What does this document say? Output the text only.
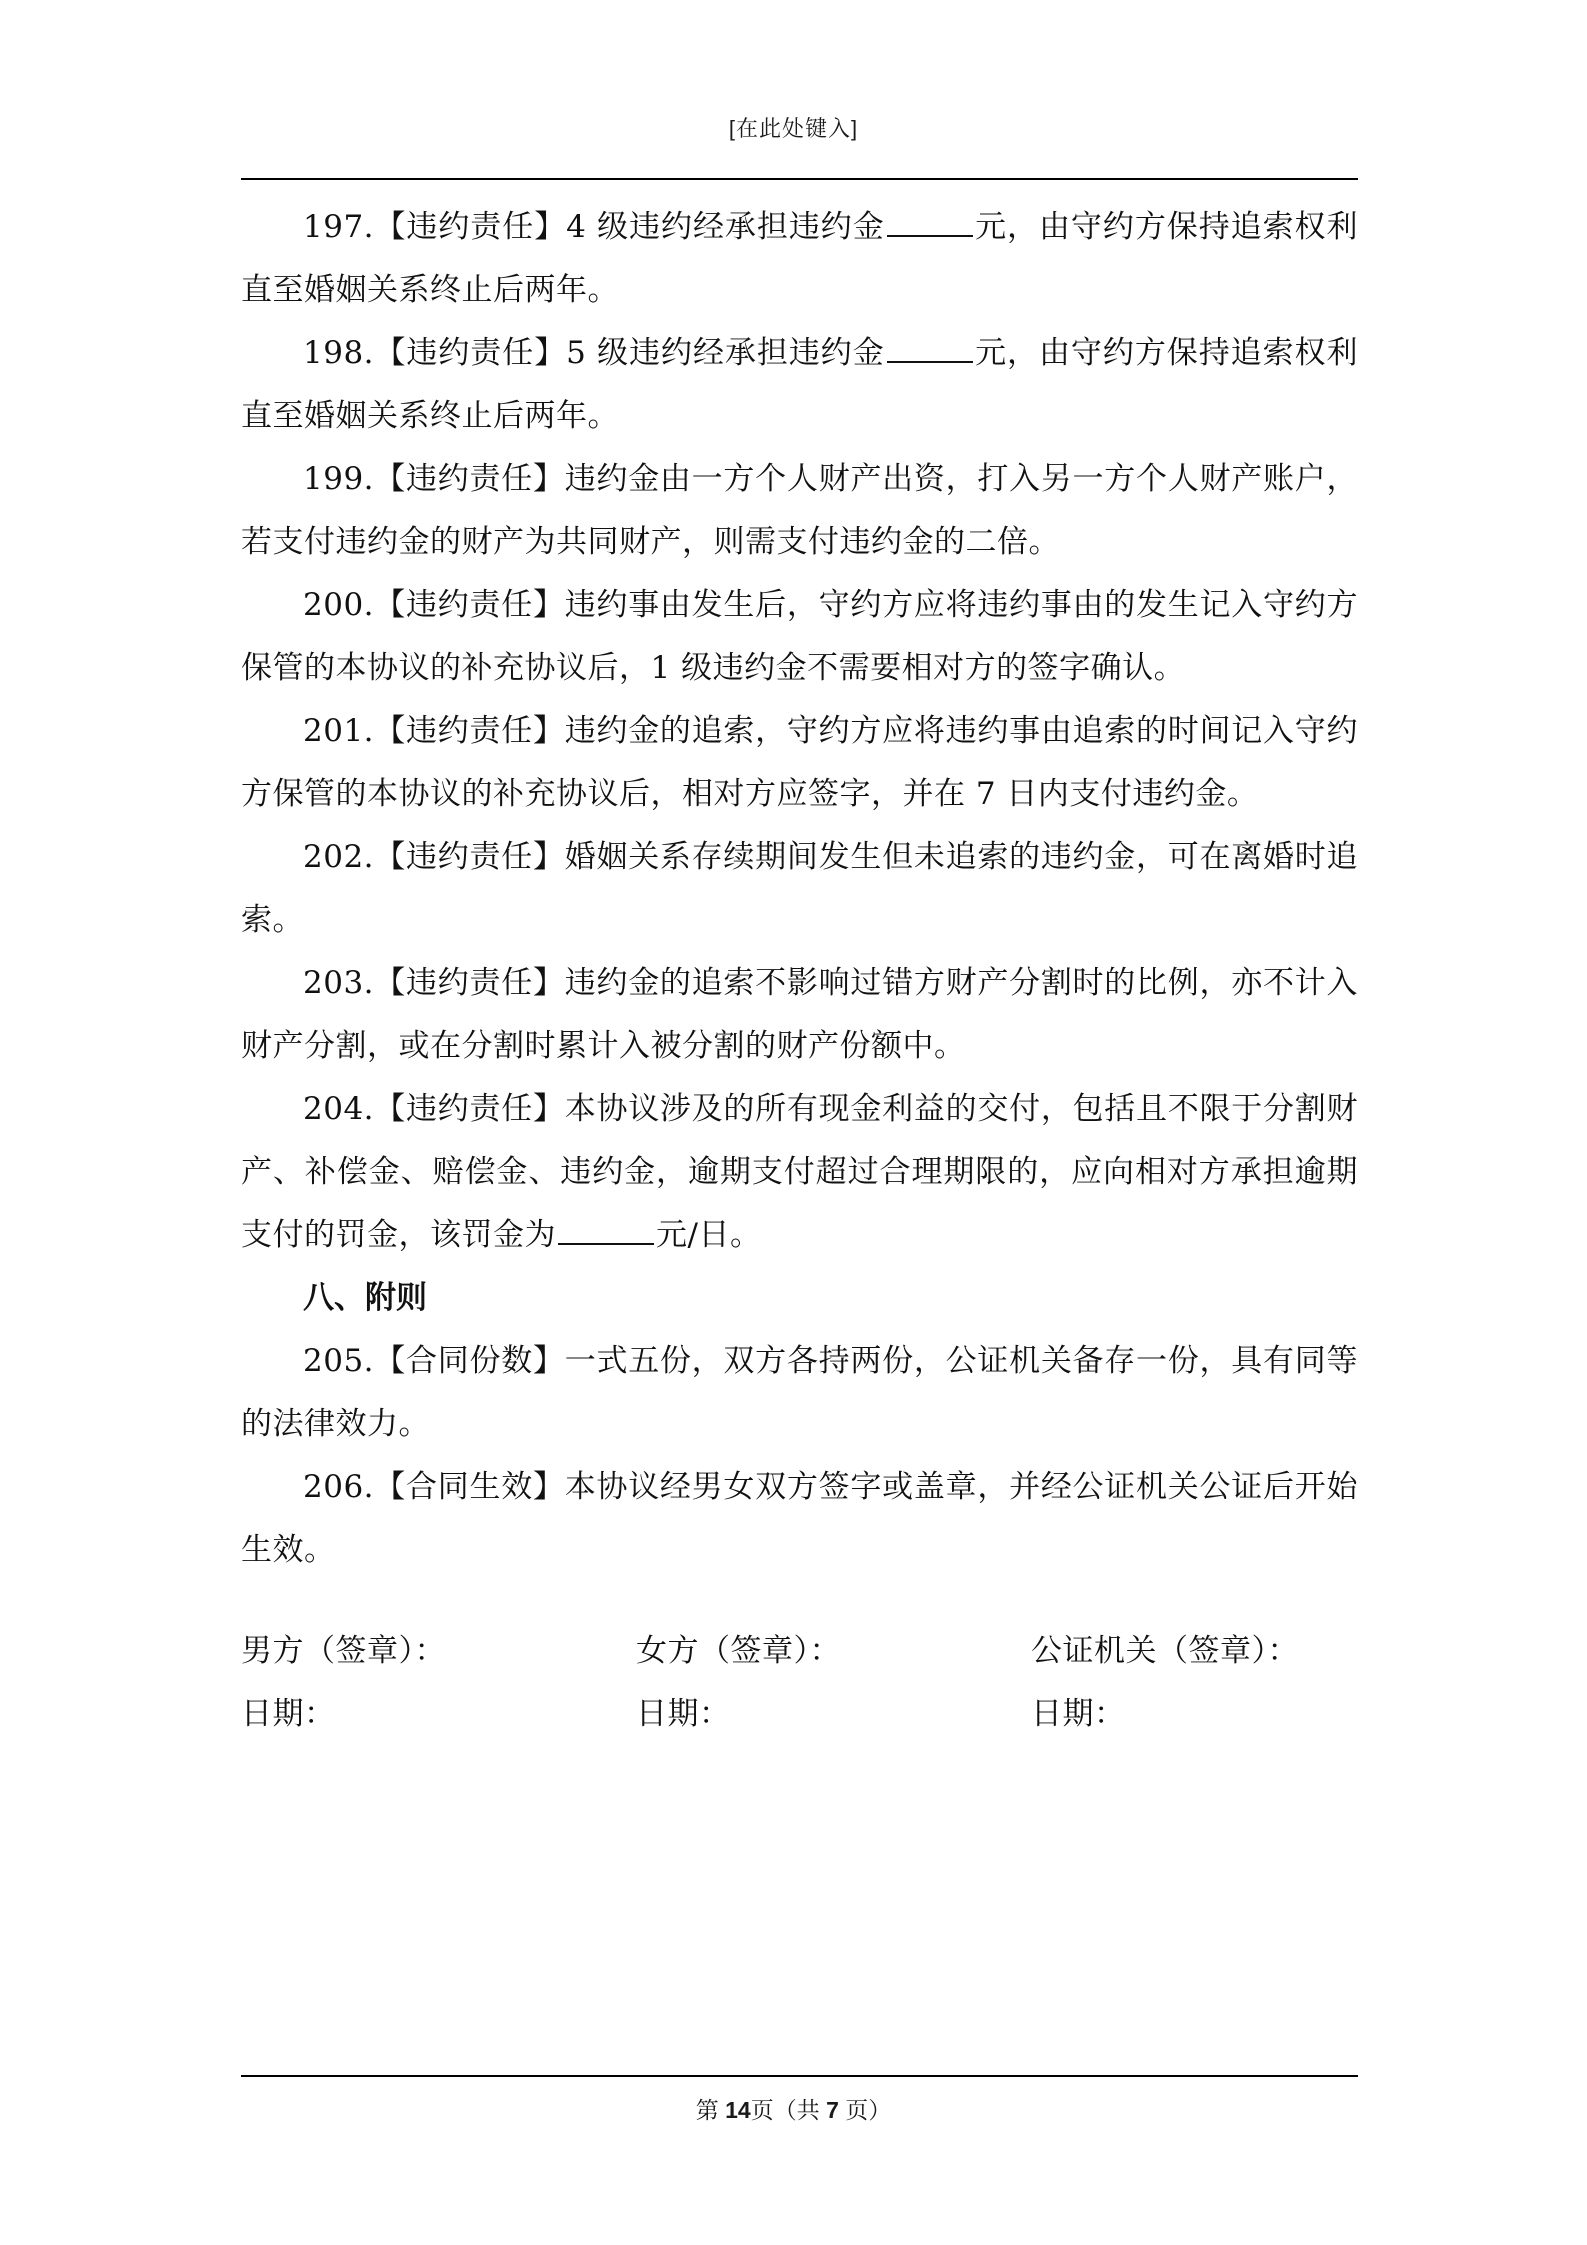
[在此处键入]

197.【违约责任】4 级违约经承担违约金	元，由守约方保持追索权利直至婚姻关系终止后两年。

198.【违约责任】5 级违约经承担违约金	元，由守约方保持追索权利直至婚姻关系终止后两年。

199.【违约责任】违约金由一方个人财产出资，打入另一方个人财产账户，若支付违约金的财产为共同财产，则需支付违约金的二倍。

200.【违约责任】违约事由发生后，守约方应将违约事由的发生记入守约方保管的本协议的补充协议后，1 级违约金不需要相对方的签字确认。

201.【违约责任】违约金的追索，守约方应将违约事由追索的时间记入守约方保管的本协议的补充协议后，相对方应签字，并在 7 日内支付违约金。

202.【违约责任】婚姻关系存续期间发生但未追索的违约金，可在离婚时追索。

203.【违约责任】违约金的追索不影响过错方财产分割时的比例，亦不计入财产分割，或在分割时累计入被分割的财产份额中。

204.【违约责任】本协议涉及的所有现金利益的交付，包括且不限于分割财产、补偿金、赔偿金、违约金，逾期支付超过合理期限的，应向相对方承担逾期支付的罚金，该罚金为	元/日。

八、附则

205.【合同份数】一式五份，双方各持两份，公证机关备存一份，具有同等的法律效力。

206.【合同生效】本协议经男女双方签字或盖章，并经公证机关公证后开始生效。

男方（签章）：	女方（签章）：	公证机关（签章）：
日期：	日期：	日期：
第 14页（共 7 页）
